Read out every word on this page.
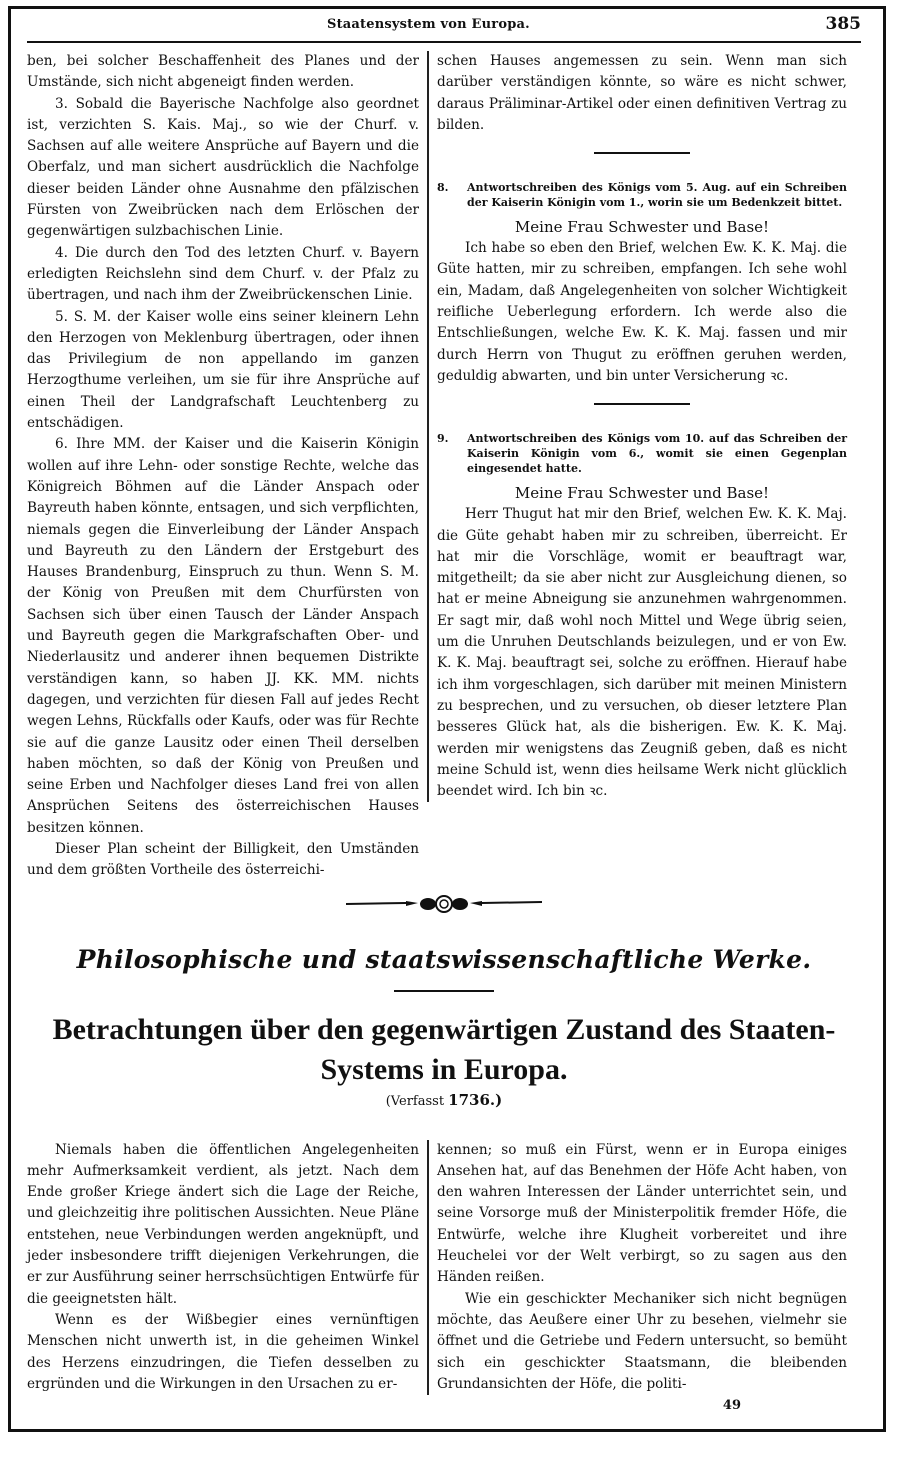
Staatensystem von Europa.	385

ben, bei solcher Beschaffenheit des Planes und der Umstände, sich nicht abgeneigt finden werden.

3. Sobald die Bayerische Nachfolge also geordnet ist, verzichten S. Kais. Maj., so wie der Churf. v. Sachsen auf alle weitere Ansprüche auf Bayern und die Oberfalz, und man sichert ausdrücklich die Nachfolge dieser beiden Länder ohne Ausnahme den pfälzischen Fürsten von Zweibrücken nach dem Erlöschen der gegenwärtigen sulzbachischen Linie.

4. Die durch den Tod des letzten Churf. v. Bayern erledigten Reichslehn sind dem Churf. v. der Pfalz zu übertragen, und nach ihm der Zweibrückenschen Linie.

5. S. M. der Kaiser wolle eins seiner kleinern Lehn den Herzogen von Meklenburg übertragen, oder ihnen das Privilegium de non appellando im ganzen Herzogthume verleihen, um sie für ihre Ansprüche auf einen Theil der Landgrafschaft Leuchtenberg zu entschädigen.

6. Ihre MM. der Kaiser und die Kaiserin Königin wollen auf ihre Lehn- oder sonstige Rechte, welche das Königreich Böhmen auf die Länder Anspach oder Bayreuth haben könnte, entsagen, und sich verpflichten, niemals gegen die Einverleibung der Länder Anspach und Bayreuth zu den Ländern der Erstgeburt des Hauses Brandenburg, Einspruch zu thun. Wenn S. M. der König von Preußen mit dem Churfürsten von Sachsen sich über einen Tausch der Länder Anspach und Bayreuth gegen die Markgrafschaften Ober- und Niederlausitz und anderer ihnen bequemen Distrikte verständigen kann, so haben JJ. KK. MM. nichts dagegen, und verzichten für diesen Fall auf jedes Recht wegen Lehns, Rückfalls oder Kaufs, oder was für Rechte sie auf die ganze Lausitz oder einen Theil derselben haben möchten, so daß der König von Preußen und seine Erben und Nachfolger dieses Land frei von allen Ansprüchen Seitens des österreichischen Hauses besitzen können.

Dieser Plan scheint der Billigkeit, den Umständen und dem größten Vortheile des österreichi-

schen Hauses angemessen zu sein. Wenn man sich darüber verständigen könnte, so wäre es nicht schwer, daraus Präliminar-Artikel oder einen definitiven Vertrag zu bilden.

8. Antwortschreiben des Königs vom 5. Aug. auf ein Schreiben der Kaiserin Königin vom 1., worin sie um Bedenkzeit bittet.

Meine Frau Schwester und Base!

Ich habe so eben den Brief, welchen Ew. K. K. Maj. die Güte hatten, mir zu schreiben, empfangen. Ich sehe wohl ein, Madam, daß Angelegenheiten von solcher Wichtigkeit reifliche Ueberlegung erfordern. Ich werde also die Entschließungen, welche Ew. K. K. Maj. fassen und mir durch Herrn von Thugut zu eröffnen geruhen werden, geduldig abwarten, und bin unter Versicherung ꝛc.

9. Antwortschreiben des Königs vom 10. auf das Schreiben der Kaiserin Königin vom 6., womit sie einen Gegenplan eingesendet hatte.

Meine Frau Schwester und Base!

Herr Thugut hat mir den Brief, welchen Ew. K. K. Maj. die Güte gehabt haben mir zu schreiben, überreicht. Er hat mir die Vorschläge, womit er beauftragt war, mitgetheilt; da sie aber nicht zur Ausgleichung dienen, so hat er meine Abneigung sie anzunehmen wahrgenommen. Er sagt mir, daß wohl noch Mittel und Wege übrig seien, um die Unruhen Deutschlands beizulegen, und er von Ew. K. K. Maj. beauftragt sei, solche zu eröffnen. Hierauf habe ich ihm vorgeschlagen, sich darüber mit meinen Ministern zu besprechen, und zu versuchen, ob dieser letztere Plan besseres Glück hat, als die bisherigen. Ew. K. K. Maj. werden mir wenigstens das Zeugniß geben, daß es nicht meine Schuld ist, wenn dies heilsame Werk nicht glücklich beendet wird. Ich bin ꝛc.

Philosophische und staatswissenschaftliche Werke.
Betrachtungen über den gegenwärtigen Zustand des Staaten-
Systems in Europa.
(Verfasst 1736.)

Niemals haben die öffentlichen Angelegenheiten mehr Aufmerksamkeit verdient, als jetzt. Nach dem Ende großer Kriege ändert sich die Lage der Reiche, und gleichzeitig ihre politischen Aussichten. Neue Pläne entstehen, neue Verbindungen werden angeknüpft, und jeder insbesondere trifft diejenigen Verkehrungen, die er zur Ausführung seiner herrschsüchtigen Entwürfe für die geeignetsten hält.

Wenn es der Wißbegier eines vernünftigen Menschen nicht unwerth ist, in die geheimen Winkel des Herzens einzudringen, die Tiefen desselben zu ergründen und die Wirkungen in den Ursachen zu er-

kennen; so muß ein Fürst, wenn er in Europa einiges Ansehen hat, auf das Benehmen der Höfe Acht haben, von den wahren Interessen der Länder unterrichtet sein, und seine Vorsorge muß der Ministerpolitik fremder Höfe, die Entwürfe, welche ihre Klugheit vorbereitet und ihre Heuchelei vor der Welt verbirgt, so zu sagen aus den Händen reißen.

Wie ein geschickter Mechaniker sich nicht begnügen möchte, das Aeußere einer Uhr zu besehen, vielmehr sie öffnet und die Getriebe und Federn untersucht, so bemüht sich ein geschickter Staatsmann, die bleibenden Grundansichten der Höfe, die politi-

49
